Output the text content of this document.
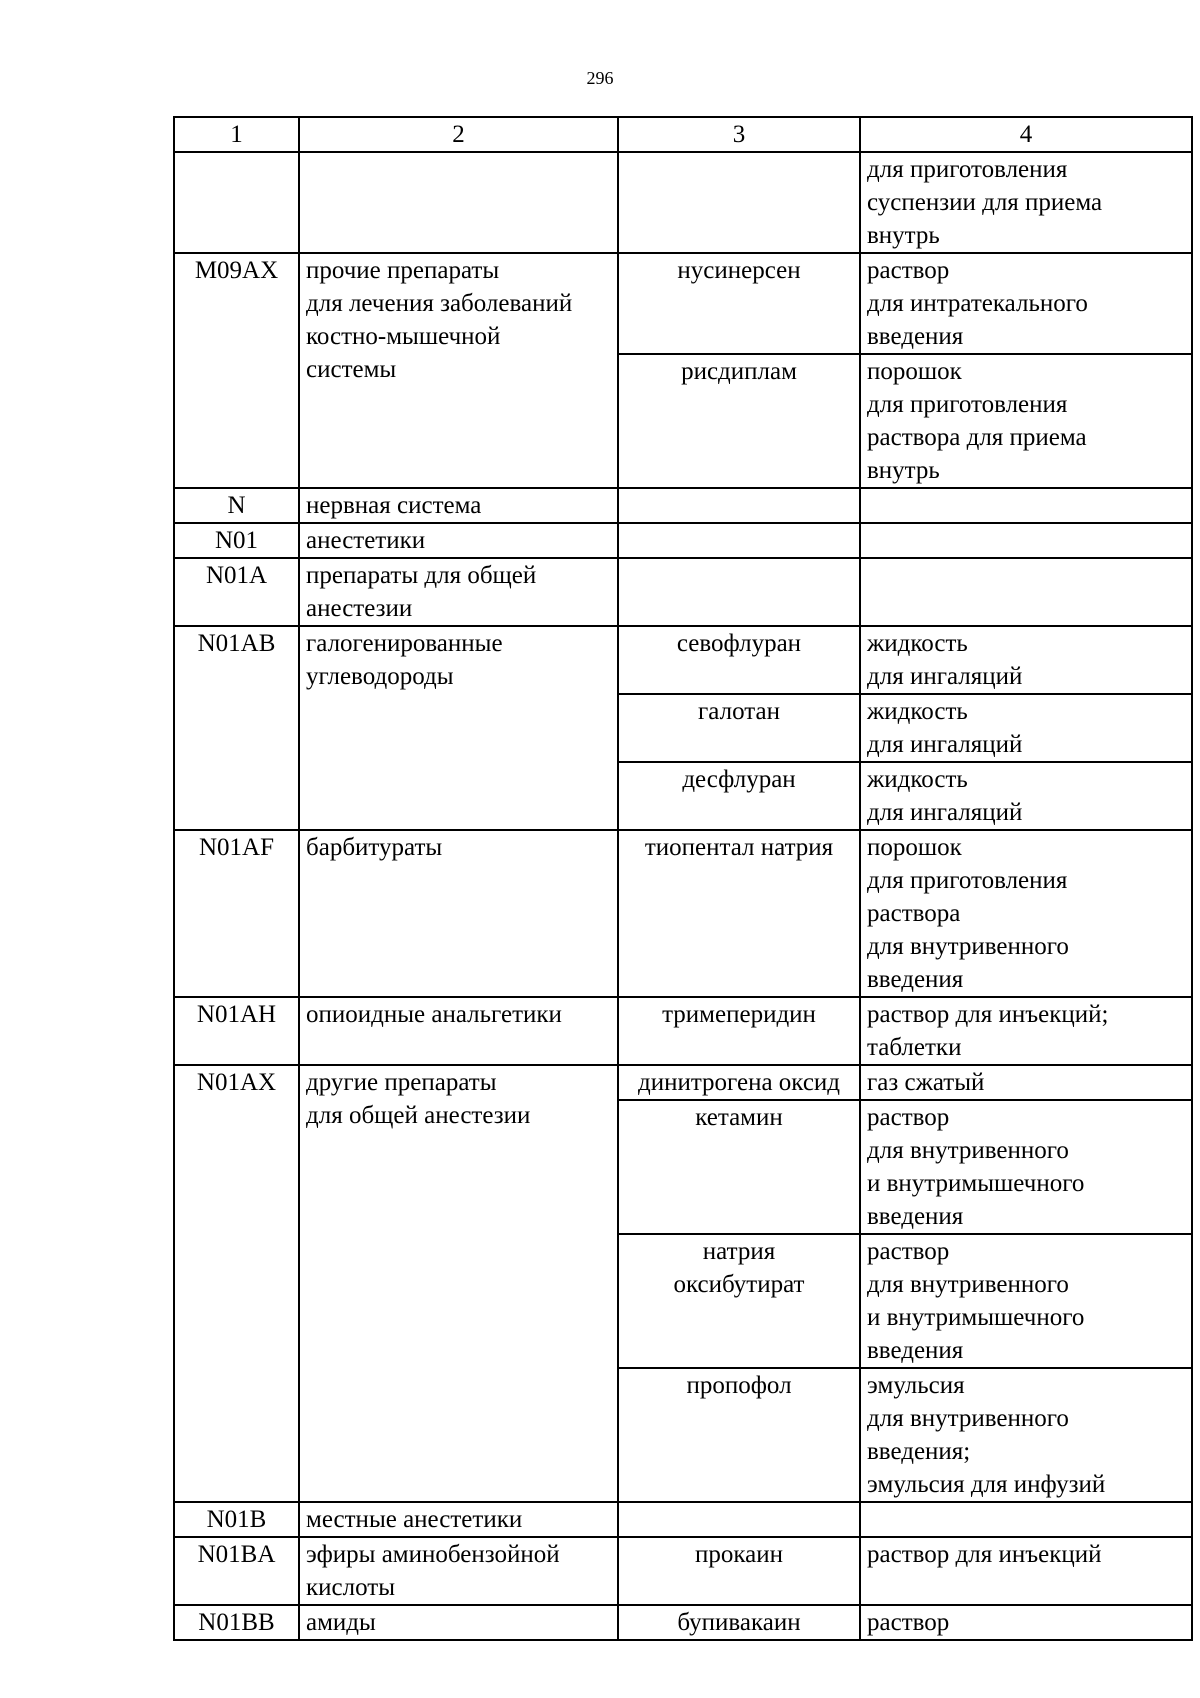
296
1	2	3	4

			для приготовления
суспензии для приема
внутрь

M09AX	прочие препараты
для лечения заболеваний
костно-мышечной
системы	нусинерсен	раствор
для интратекального
введения

		рисдиплам	порошок
для приготовления
раствора для приема
внутрь

N	нервная система		

N01	анестетики		

N01A	препараты для общей
анестезии		

N01AB	галогенированные
углеводороды	севофлуран	жидкость
для ингаляций

		галотан	жидкость
для ингаляций

		десфлуран	жидкость
для ингаляций

N01AF	барбитураты	тиопентал натрия	порошок
для приготовления
раствора
для внутривенного
введения

N01AH	опиоидные анальгетики	тримеперидин	раствор для инъекций;
таблетки

N01AX	другие препараты
для общей анестезии	динитрогена оксид	газ сжатый

		кетамин	раствор
для внутривенного
и внутримышечного
введения

		натрия
оксибутират	раствор
для внутривенного
и внутримышечного
введения

		пропофол	эмульсия
для внутривенного
введения;
эмульсия для инфузий

N01B	местные анестетики		

N01BA	эфиры аминобензойной
кислоты	прокаин	раствор для инъекций

N01BB	амиды	бупивакаин	раствор
